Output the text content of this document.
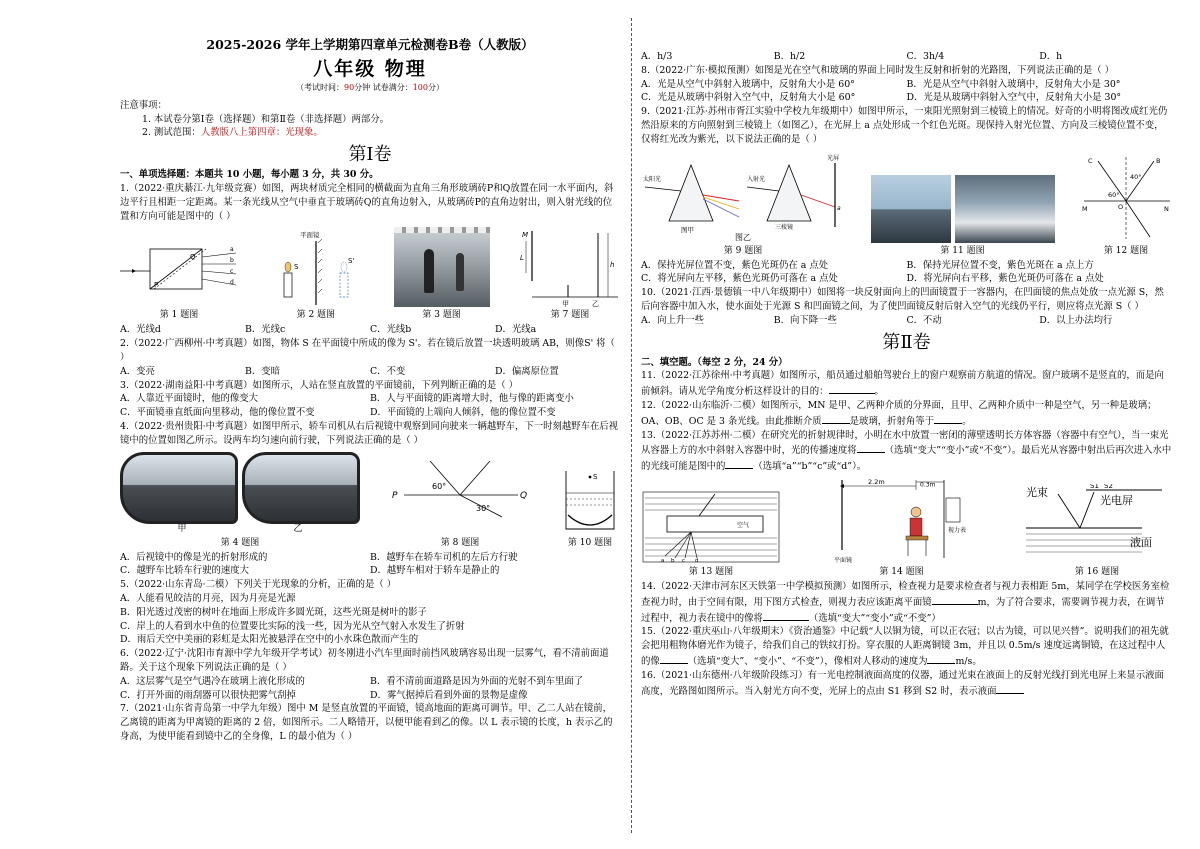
2025-2026 学年上学期第四章单元检测卷B卷（人教版）

八年级 物理

（考试时间：90分钟 试卷满分：100分）

注意事项：

1. 本试卷分第Ⅰ卷（选择题）和第Ⅱ卷（非选择题）两部分。

2. 测试范围：人教版八上第四章：光现象。

第Ⅰ卷

一、单项选择题：本题共 10 小题，每小题 3 分，共 30 分。

1.（2022·重庆綦江·九年级竞赛）如图，两块材质完全相同的横截面为直角三角形玻璃砖P和Q放置在同一水平面内，斜边平行且相距一定距离。某一条光线从空气中垂直于玻璃砖Q的直角边射入，从玻璃砖P的直角边射出，则入射光线的位置和方向可能是图中的（ ）

P
Q
a
b
c
d
第 1 题图
平面镜
S
S'
第 2 题图	第 3 题图
M
L
h
甲	乙
第 7 题图
A．光线d	B．光线c	C．光线b	D．光线a

2.（2022·广西柳州·中考真题）如图，物体 S 在平面镜中所成的像为 S'。若在镜后放置一块透明玻璃 AB，则像S' 将（ ）

A．变亮	B．变暗	C．不变	D．偏离原位置

3.（2022·湖南益阳·中考真题）如图所示，人站在竖直放置的平面镜前，下列判断正确的是（ ）

A．人靠近平面镜时，他的像变大	B．人与平面镜的距离增大时，他与像的距离变小
C．平面镜垂直纸面向里移动，他的像位置不变	D．平面镜的上端向人倾斜，他的像位置不变

4.（2022·贵州贵阳·中考真题）如图甲所示，轿车司机从右后视镜中观察到同向驶来一辆越野车，下一时刻越野车在后视镜中的位置如图乙所示。设两车均匀速向前行驶，下列说法正确的是（ ）

甲	乙
第 4 题图
P	Q
60°
30°
第 8 题图
S
第 10 题图
A．后视镜中的像是光的折射形成的	B．越野车在轿车司机的左后方行驶
C．越野车比轿车行驶的速度大	D．越野车相对于轿车是静止的

5.（2022·山东青岛·二模）下列关于光现象的分析，正确的是（ ）

A．人能看见皎洁的月亮，因为月亮是光源

B．阳光透过茂密的树叶在地面上形成许多圆光斑，这些光斑是树叶的影子

C．岸上的人看到水中鱼的位置要比实际的浅一些，因为光从空气射入水发生了折射

D．雨后天空中美丽的彩虹是太阳光被悬浮在空中的小水珠色散而产生的

6.（2022·辽宁·沈阳市育源中学九年级开学考试）初冬刚进小汽车里面时前挡风玻璃容易出现一层雾气，看不清前面道路。关于这个现象下列说法正确的是（ ）

A．这层雾气是空气遇冷在玻璃上液化形成的	B．看不清前面道路是因为外面的光射不到车里面了
C．打开外面的雨刮器可以很快把雾气刮掉	D．雾气据掉后看到外面的景物是虚像

7.（2021·山东省青岛第一中学九年级）图中 M 是竖直放置的平面镜，镜高地面的距离可调节。甲、乙二人站在镜前，乙离镜的距离为甲离镜的距离的 2 倍，如图所示。二人略错开，以便甲能看到乙的像。以 L 表示镜的长度，h 表示乙的身高，为使甲能看到镜中乙的全身像，L 的最小值为（ ）

A．h/3	B．h/2	C．3h/4	D．h

8.（2022·广东·模拟预测）如图是光在空气和玻璃的界面上同时发生反射和折射的光路图，下列说法正确的是（ ）

A．光是从空气中斜射入玻璃中，反射角大小是 60°	B．光是从空气中斜射入玻璃中，反射角大小是 30°
C．光是从玻璃中斜射入空气中，反射角大小是 60°	D．光是从玻璃中斜射入空气中，反射角大小是 30°

9.（2021·江苏·苏州市胥江实验中学校九年级期中）如图甲所示，一束阳光照射到三棱镜上的情况。好奇的小明将图改成红光仍然沿原来的方向照射到三棱镜上（如图乙），在光屏上 a 点处形成一个红色光斑。现保持入射光位置、方向及三棱镜位置不变，仅将红光改为紫光，以下说法正确的是（ ）

太阳光
图甲
入射光
光屏
a
三棱镜
图乙
第 9 题图	第 11 题图
40°
60°
B
C
O
M	N
第 12 题图
A．保持光屏位置不变，紫色光斑仍在 a 点处	B．保持光屏位置不变，紫色光斑在 a 点上方
C．将光屏向左平移，紫色光斑仍可落在 a 点处	D．将光屏向右平移，紫色光斑仍可落在 a 点处

10.（2021·江西·景德镇一中八年级期中）如图将一块反射面向上的凹面镜置于一容器内，在凹面镜的焦点处放一点光源 S，然后向容器中加入水，使水面处于光源 S 和凹面镜之间，为了使凹面镜反射后射入空气的光线仍平行，则应将点光源 S（ ）

A．向上升一些	B．向下降一些	C．不动	D．以上办法均行

第Ⅱ卷

二、填空题。（每空 2 分，24 分）

11.（2022·江苏徐州·中考真题）如图所示，船员通过船舶驾驶台上的窗户观察前方航道的情况。窗户玻璃不是竖直的，而是向前倾斜。请从光学角度分析这样设计的目的：	。

12.（2022·山东临沂·二模）如图所示，MN 是甲、乙两种介质的分界面，且甲、乙两种介质中一种是空气，另一种是玻璃；OA、OB、OC 是 3 条光线。由此推断介质	是玻璃，折射角等于	。

13.（2022·江苏苏州·二模）在研究光的折射规律时，小明在水中放置一密闭的薄壁透明长方体容器（容器中有空气），当一束光从容器上方的水中斜射入容器中时，光的传播速度将	（选填“变大”“变小”或“不变”）。最后光从容器中射出后再次进入水中的光线可能是图中的	（选填“a”“b”“c”或“d”）。

空气
a b c d
第 13 题图
2.2m	0.3m
视力表
平面镜
第 14 题图
光束
光电屏
S1 S2
液面
第 16 题图

14.（2022·天津市河东区天铁第一中学模拟预测）如图所示，检查视力是要求检查者与视力表相距 5m，某同学在学校医务室检查视力时，由于空间有限，用下图方式检查，则视力表应该距离平面镜	m，为了符合要求，需要调节视力表，在调节过程中，视力表在镜中的像将	（选填“变大”“变小”或“不变”）

15.（2022·重庆巫山·八年级期末）《资治通鉴》中记载“人以铜为镜，可以正衣冠；以古为镜，可以见兴替”。说明我们的祖先就会把用粗物体磨光作为镜子，给我们自己的铁纹打扮。穿衣服的人距离铜镜 3m，并且以 0.5m/s 速度远离铜镜，在这过程中人的像	（选填“变大”、“变小”、“不变”），像相对人移动的速度为	m/s。

16.（2021·山东德州·八年级阶段练习）有一光电控制液面高度的仪器，通过光束在液面上的反射光线打到光电屏上来显示液面高度，光路图如图所示。当入射光方向不变，光屏上的点由 S1 移到 S2 时，表示液面
